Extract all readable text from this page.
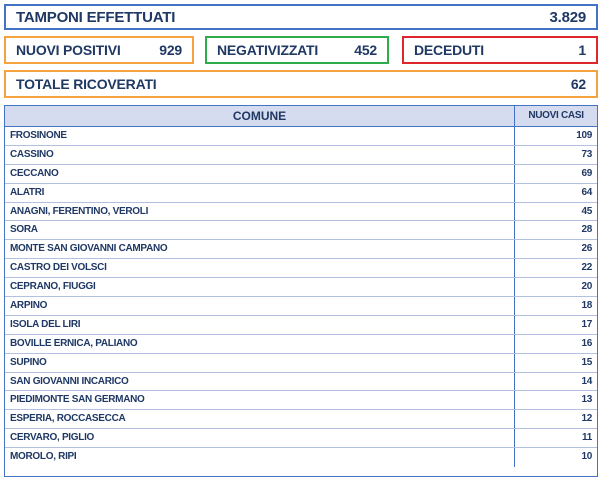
TAMPONI EFFETTUATI	3.829
NUOVI POSITIVI	929	NEGATIVIZZATI	452	DECEDUTI	1
TOTALE RICOVERATI	62
COMUNE	NUOVI CASI
FROSINONE	109
CASSINO	73
CECCANO	69
ALATRI	64
ANAGNI, FERENTINO, VEROLI	45
SORA	28
MONTE SAN GIOVANNI CAMPANO	26
CASTRO DEI VOLSCI	22
CEPRANO, FIUGGI	20
ARPINO	18
ISOLA DEL LIRI	17
BOVILLE ERNICA, PALIANO	16
SUPINO	15
SAN GIOVANNI INCARICO	14
PIEDIMONTE SAN GERMANO	13
ESPERIA, ROCCASECCA	12
CERVARO, PIGLIO	11
MOROLO, RIPI	10
